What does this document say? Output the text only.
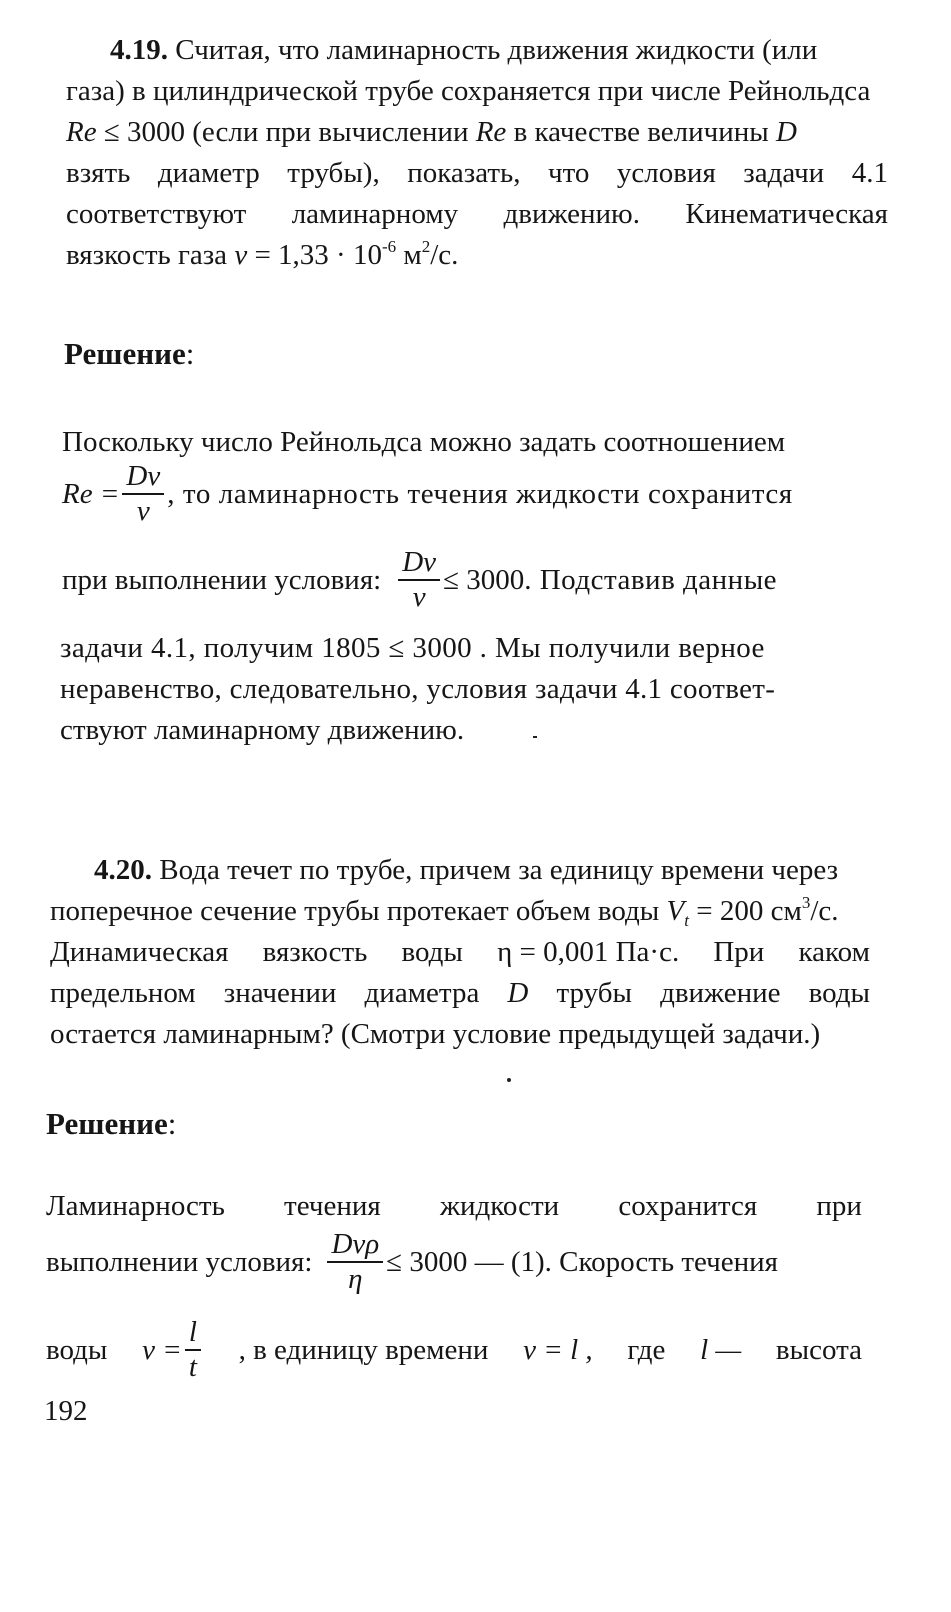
4.19. Считая, что ламинарность движения жидкости (или
газа) в цилиндрической трубе сохраняется при числе Рейнольдса
Re ≤ 3000 (если при вычислении Re в качестве величины D
взять диаметр трубы), показать, что условия задачи 4.1
соответствуют ламинарному движению. Кинематическая
вязкость газа $\nu = 1,33 \cdot 10^{-6}$ $м^2/с$.
Решение:
Поскольку число Рейнольдса можно задать соотношением
$Re = \frac{Dv}{\nu}$ , то ламинарность течения жидкости сохранится
при выполнении условия: $\frac{Dv}{\nu} \le 3000$ . Подставив данные
задачи 4.1, получим 1805 ≤ 3000 . Мы получили верное
неравенство, следовательно, условия задачи 4.1 соответ-
ствуют ламинарному движению.
4.20. Вода течет по трубе, причем за единицу времени через
поперечное сечение трубы протекает объем воды $V_t = 200$ $см^3/с$.
Динамическая вязкость воды η = 0,001 Па·с. При каком
предельном значении диаметра D трубы движение воды
остается ламинарным? (Смотри условие предыдущей задачи.)
Решение:
Ламинарность течения жидкости сохранится при
выполнении условия: $\frac{\text{Dvρ}}{\eta} \le 3000$ — (1). Скорость течения
воды $v = \frac{l}{t}$ , в единицу времени v = l , где l — высота
192
